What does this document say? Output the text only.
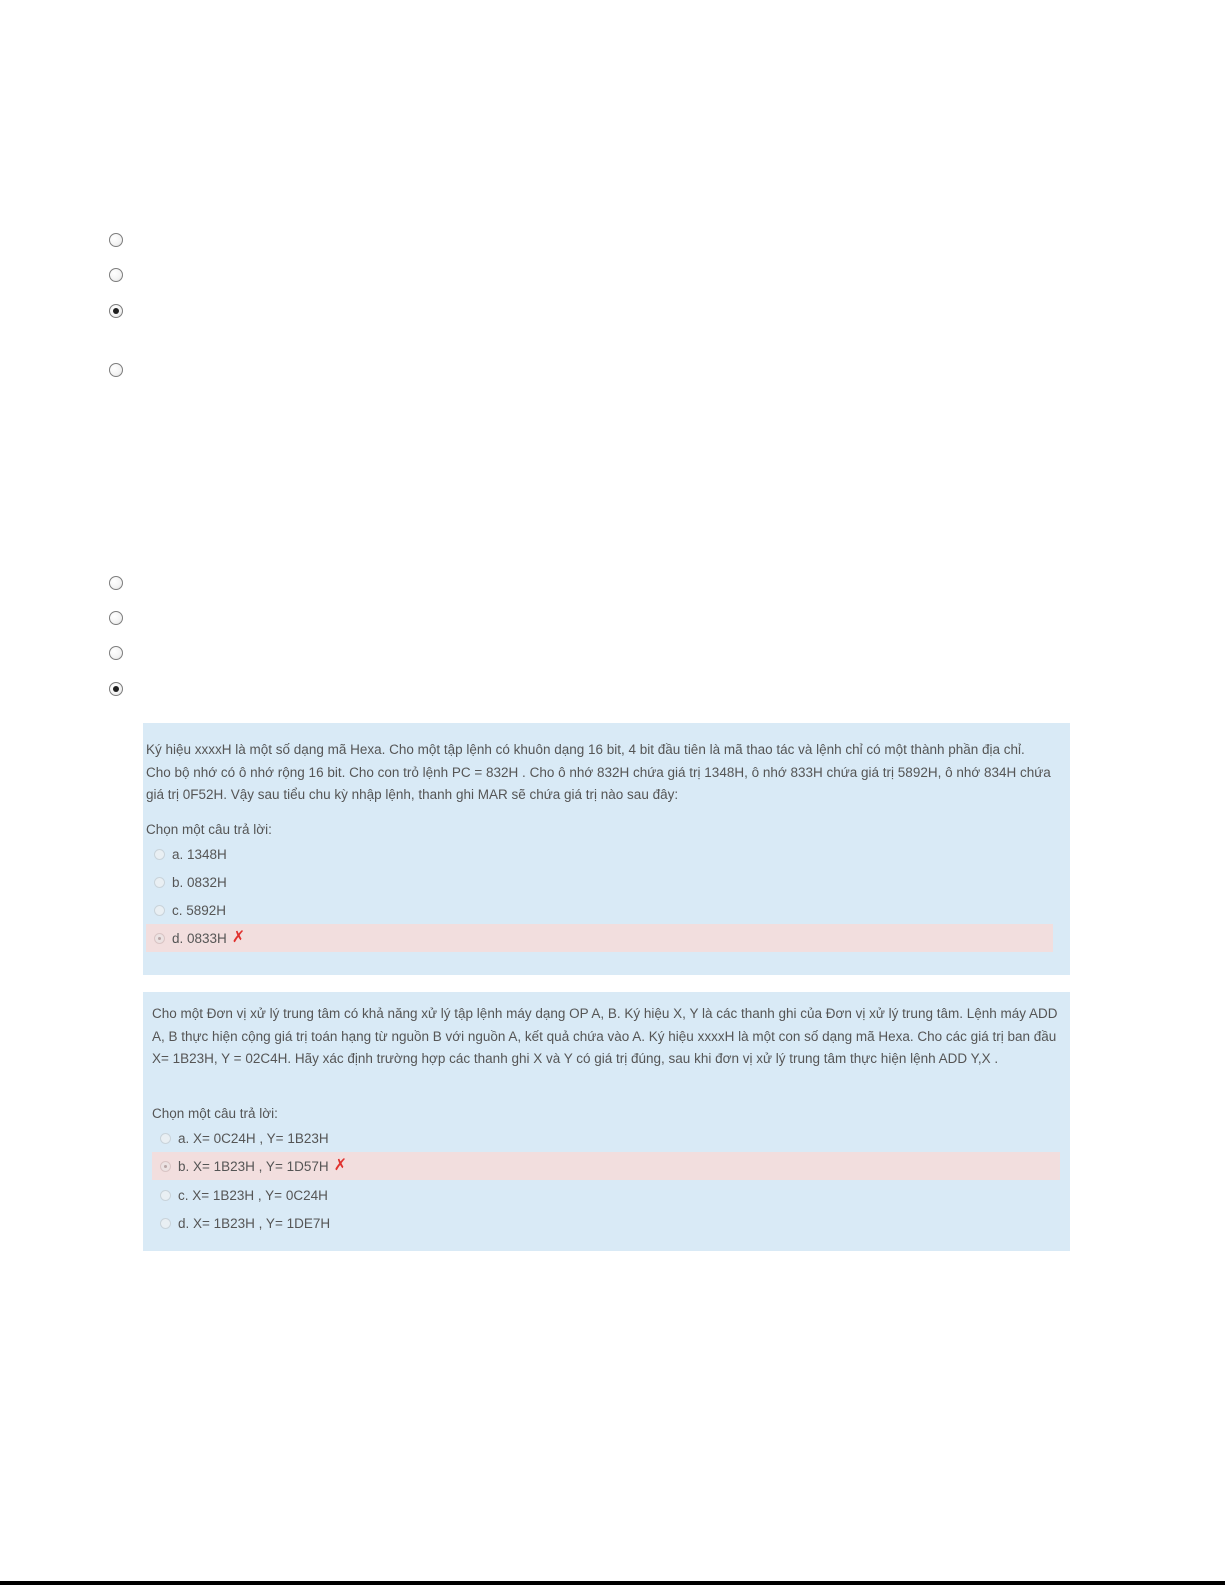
Ký hiệu xxxxH là một số dạng mã Hexa. Cho một tập lệnh có khuôn dạng 16 bit, 4 bit đầu tiên là mã thao tác và lệnh chỉ có một thành phần địa chỉ. Cho bộ nhớ có ô nhớ rộng 16 bit. Cho con trỏ lệnh PC = 832H . Cho ô nhớ 832H chứa giá trị 1348H, ô nhớ 833H chứa giá trị 5892H, ô nhớ 834H chứa giá trị 0F52H. Vậy sau tiểu chu kỳ nhập lệnh, thanh ghi MAR sẽ chứa giá trị nào sau đây:

Chọn một câu trả lời:
a. 1348H
b. 0832H
c. 5892H
d. 0833H ✗

Cho một Đơn vị xử lý trung tâm có khả năng xử lý tập lệnh máy dạng OP A, B. Ký hiệu X, Y là các thanh ghi của Đơn vị xử lý trung tâm. Lệnh máy ADD A, B thực hiện cộng giá trị toán hạng từ nguồn B với nguồn A, kết quả chứa vào A. Ký hiệu xxxxH là một con số dạng mã Hexa. Cho các giá trị ban đầu X= 1B23H, Y = 02C4H. Hãy xác định trường hợp các thanh ghi X và Y có giá trị đúng, sau khi đơn vị xử lý trung tâm thực hiện lệnh ADD Y,X .

Chọn một câu trả lời:
a. X= 0C24H , Y= 1B23H
b. X= 1B23H , Y= 1D57H ✗
c. X= 1B23H , Y= 0C24H
d. X= 1B23H , Y= 1DE7H
